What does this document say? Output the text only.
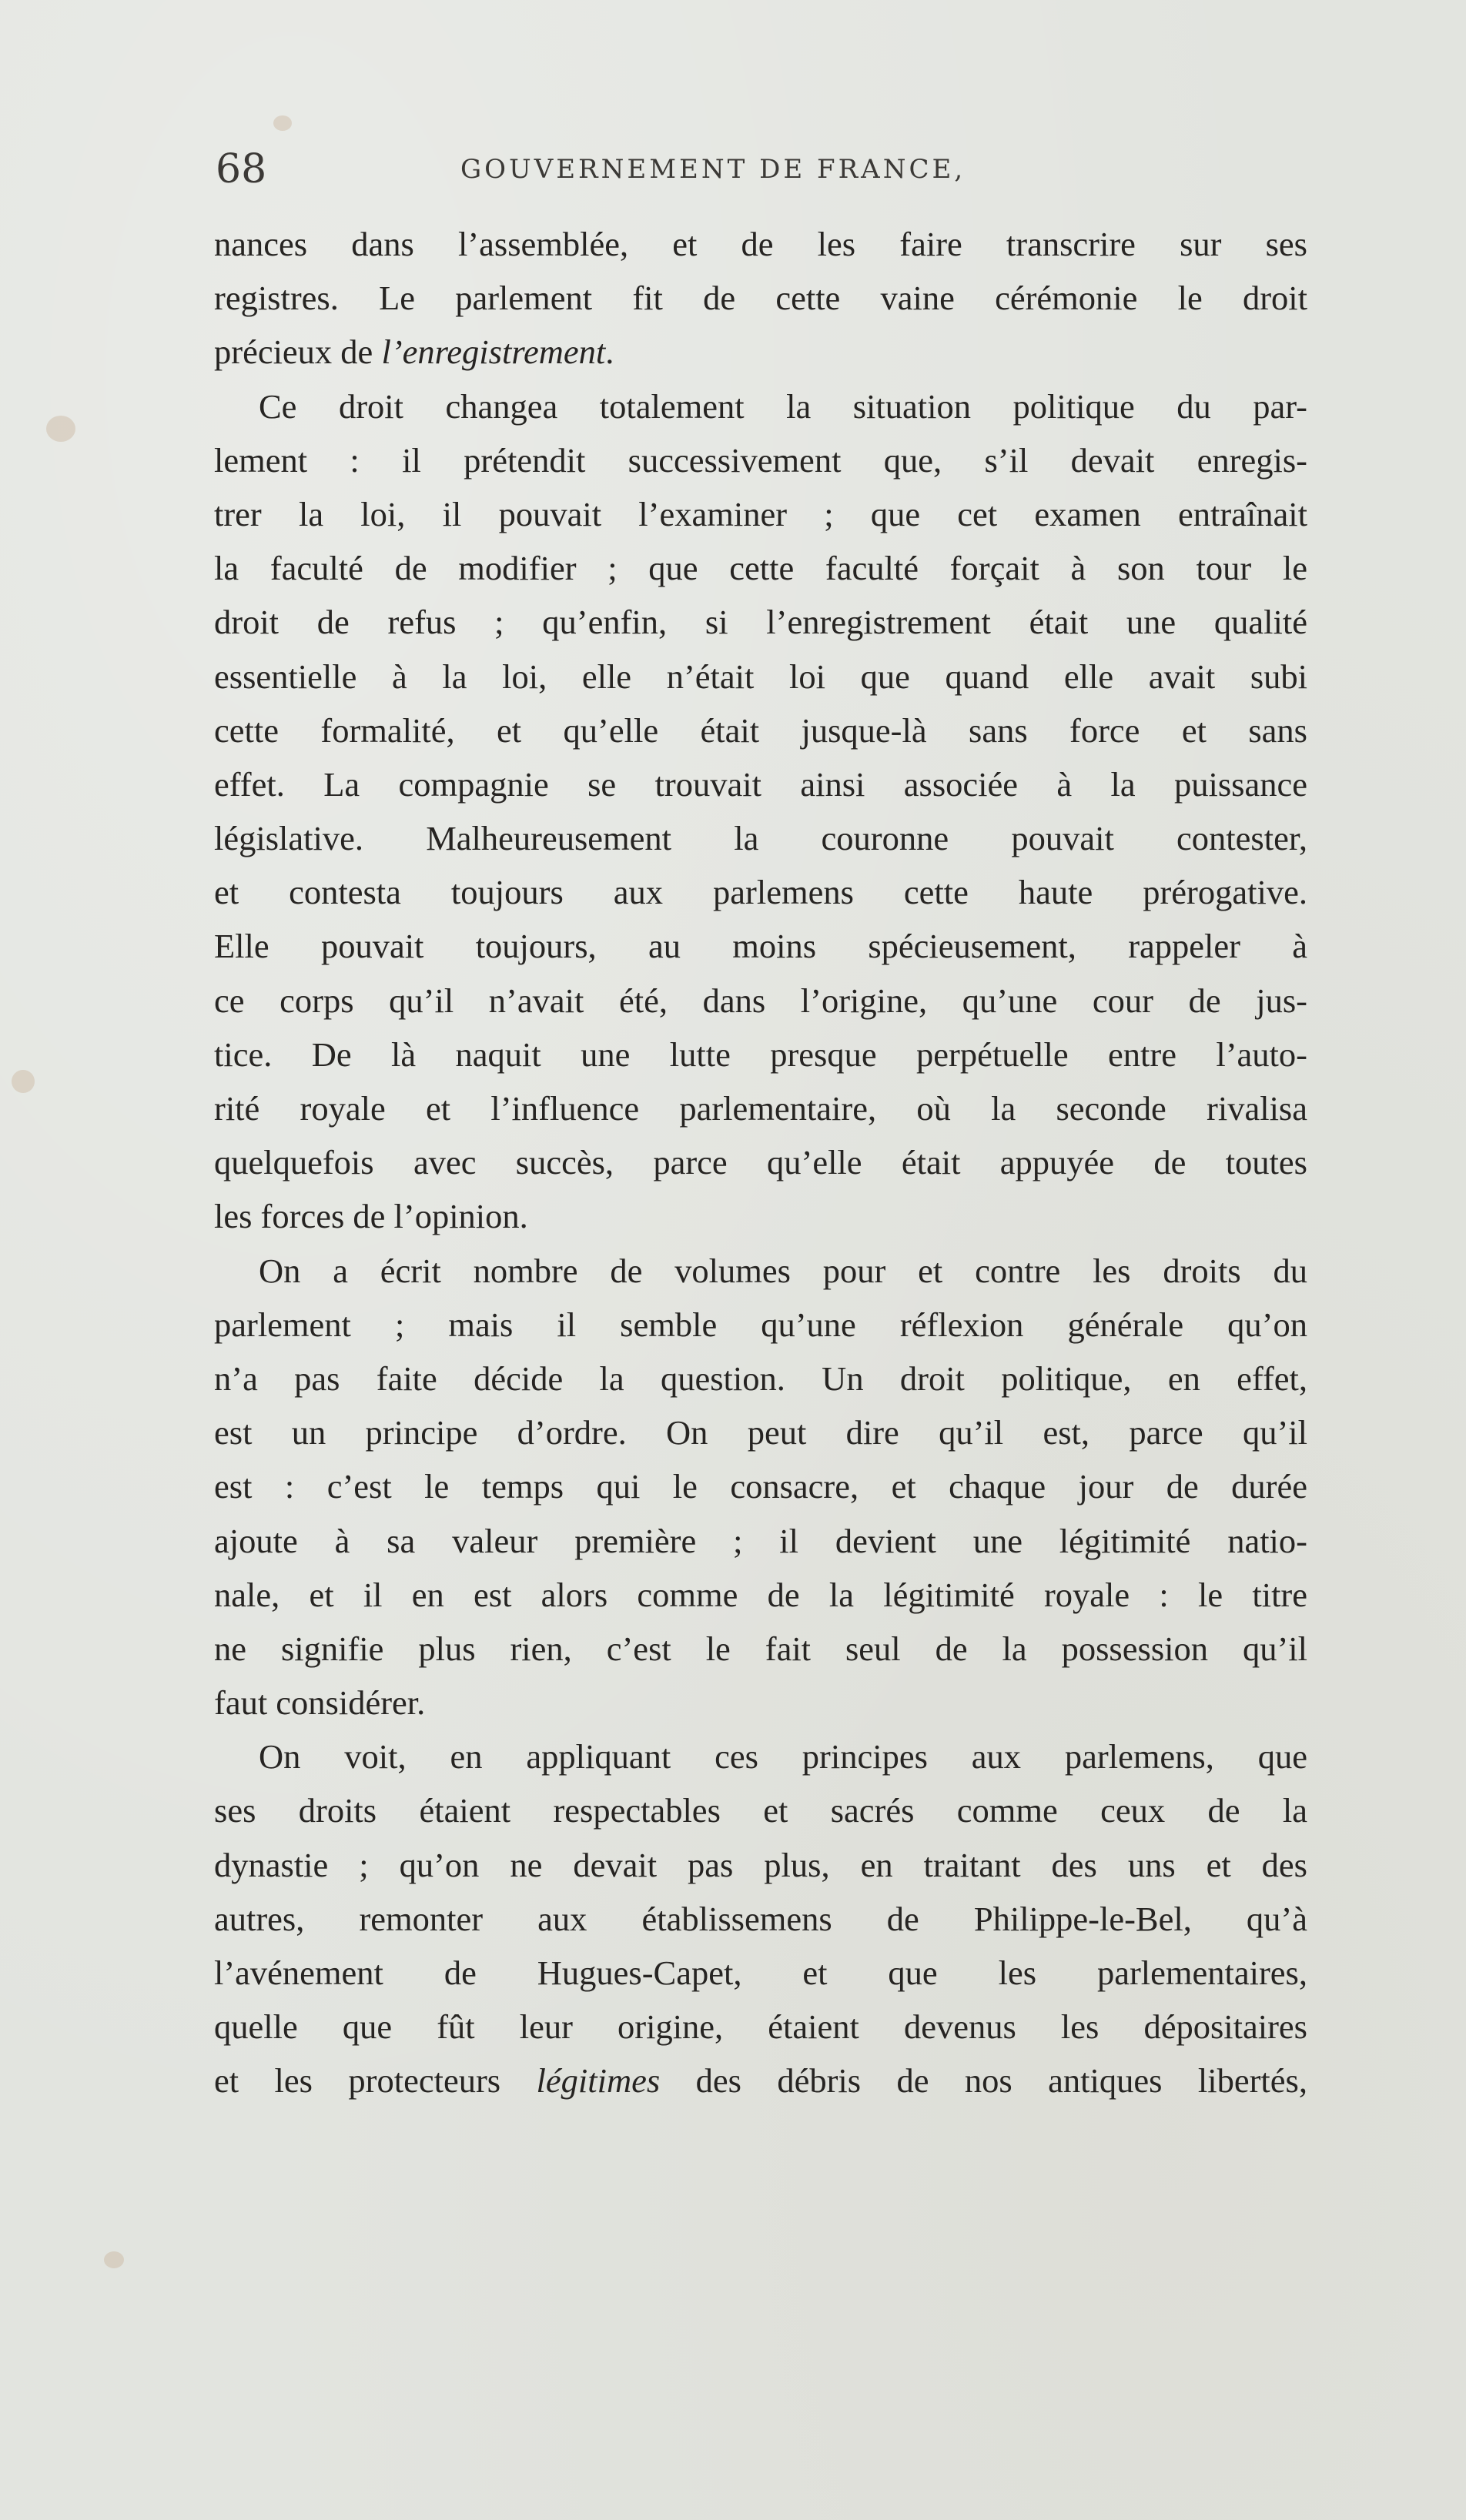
68	GOUVERNEMENT DE FRANCE,
nances dans l’assemblée, et de les faire transcrire sur ses
registres. Le parlement fit de cette vaine cérémonie le droit
précieux de l’enregistrement.
Ce droit changea totalement la situation politique du par-
lement : il prétendit successivement que, s’il devait enregis-
trer la loi, il pouvait l’examiner ; que cet examen entraînait
la faculté de modifier ; que cette faculté forçait à son tour le
droit de refus ; qu’enfin, si l’enregistrement était une qualité
essentielle à la loi, elle n’était loi que quand elle avait subi
cette formalité, et qu’elle était jusque-là sans force et sans
effet. La compagnie se trouvait ainsi associée à la puissance
législative. Malheureusement la couronne pouvait contester,
et contesta toujours aux parlemens cette haute prérogative.
Elle pouvait toujours, au moins spécieusement, rappeler à
ce corps qu’il n’avait été, dans l’origine, qu’une cour de jus-
tice. De là naquit une lutte presque perpétuelle entre l’auto-
rité royale et l’influence parlementaire, où la seconde rivalisa
quelquefois avec succès, parce qu’elle était appuyée de toutes
les forces de l’opinion.
On a écrit nombre de volumes pour et contre les droits du
parlement ; mais il semble qu’une réflexion générale qu’on
n’a pas faite décide la question. Un droit politique, en effet,
est un principe d’ordre. On peut dire qu’il est, parce qu’il
est : c’est le temps qui le consacre, et chaque jour de durée
ajoute à sa valeur première ; il devient une légitimité natio-
nale, et il en est alors comme de la légitimité royale : le titre
ne signifie plus rien, c’est le fait seul de la possession qu’il
faut considérer.
On voit, en appliquant ces principes aux parlemens, que
ses droits étaient respectables et sacrés comme ceux de la
dynastie ; qu’on ne devait pas plus, en traitant des uns et des
autres, remonter aux établissemens de Philippe-le-Bel, qu’à
l’avénement de Hugues-Capet, et que les parlementaires,
quelle que fût leur origine, étaient devenus les dépositaires
et les protecteurs légitimes des débris de nos antiques libertés,
